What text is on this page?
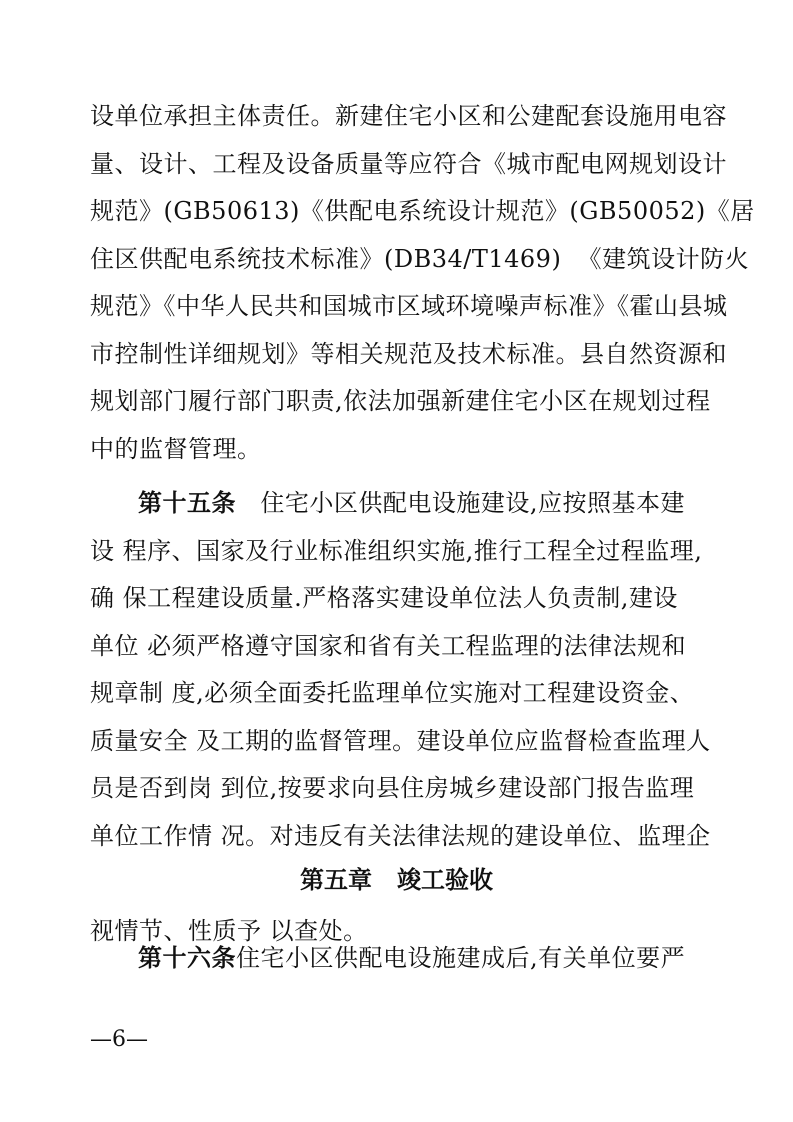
设单位承担主体责任。新建住宅小区和公建配套设施用电容
量、设计、工程及设备质量等应符合《城市配电网规划设计
规范》(GB50613)《供配电系统设计规范》(GB50052)《居
住区供配电系统技术标准》(DB34/T1469)  《建筑设计防火
规范》《中华人民共和国城市区域环境噪声标准》《霍山县城
市控制性详细规划》等相关规范及技术标准。县自然资源和
规划部门履行部门职责,依法加强新建住宅小区在规划过程
中的监督管理。
第十五条 住宅小区供配电设施建设,应按照基本建
设 程序、国家及行业标准组织实施,推行工程全过程监理,
确 保工程建设质量.严格落实建设单位法人负责制,建设
单位 必须严格遵守国家和省有关工程监理的法律法规和
规章制 度,必须全面委托监理单位实施对工程建设资金、
质量安全 及工期的监督管理。建设单位应监督检查监理人
员是否到岗 到位,按要求向县住房城乡建设部门报告监理
单位工作情 况。对违反有关法律法规的建设单位、监理企
视情节、性质予 以查处。
第五章   竣工验收
第十六条住宅小区供配电设施建成后,有关单位要严
—6—
